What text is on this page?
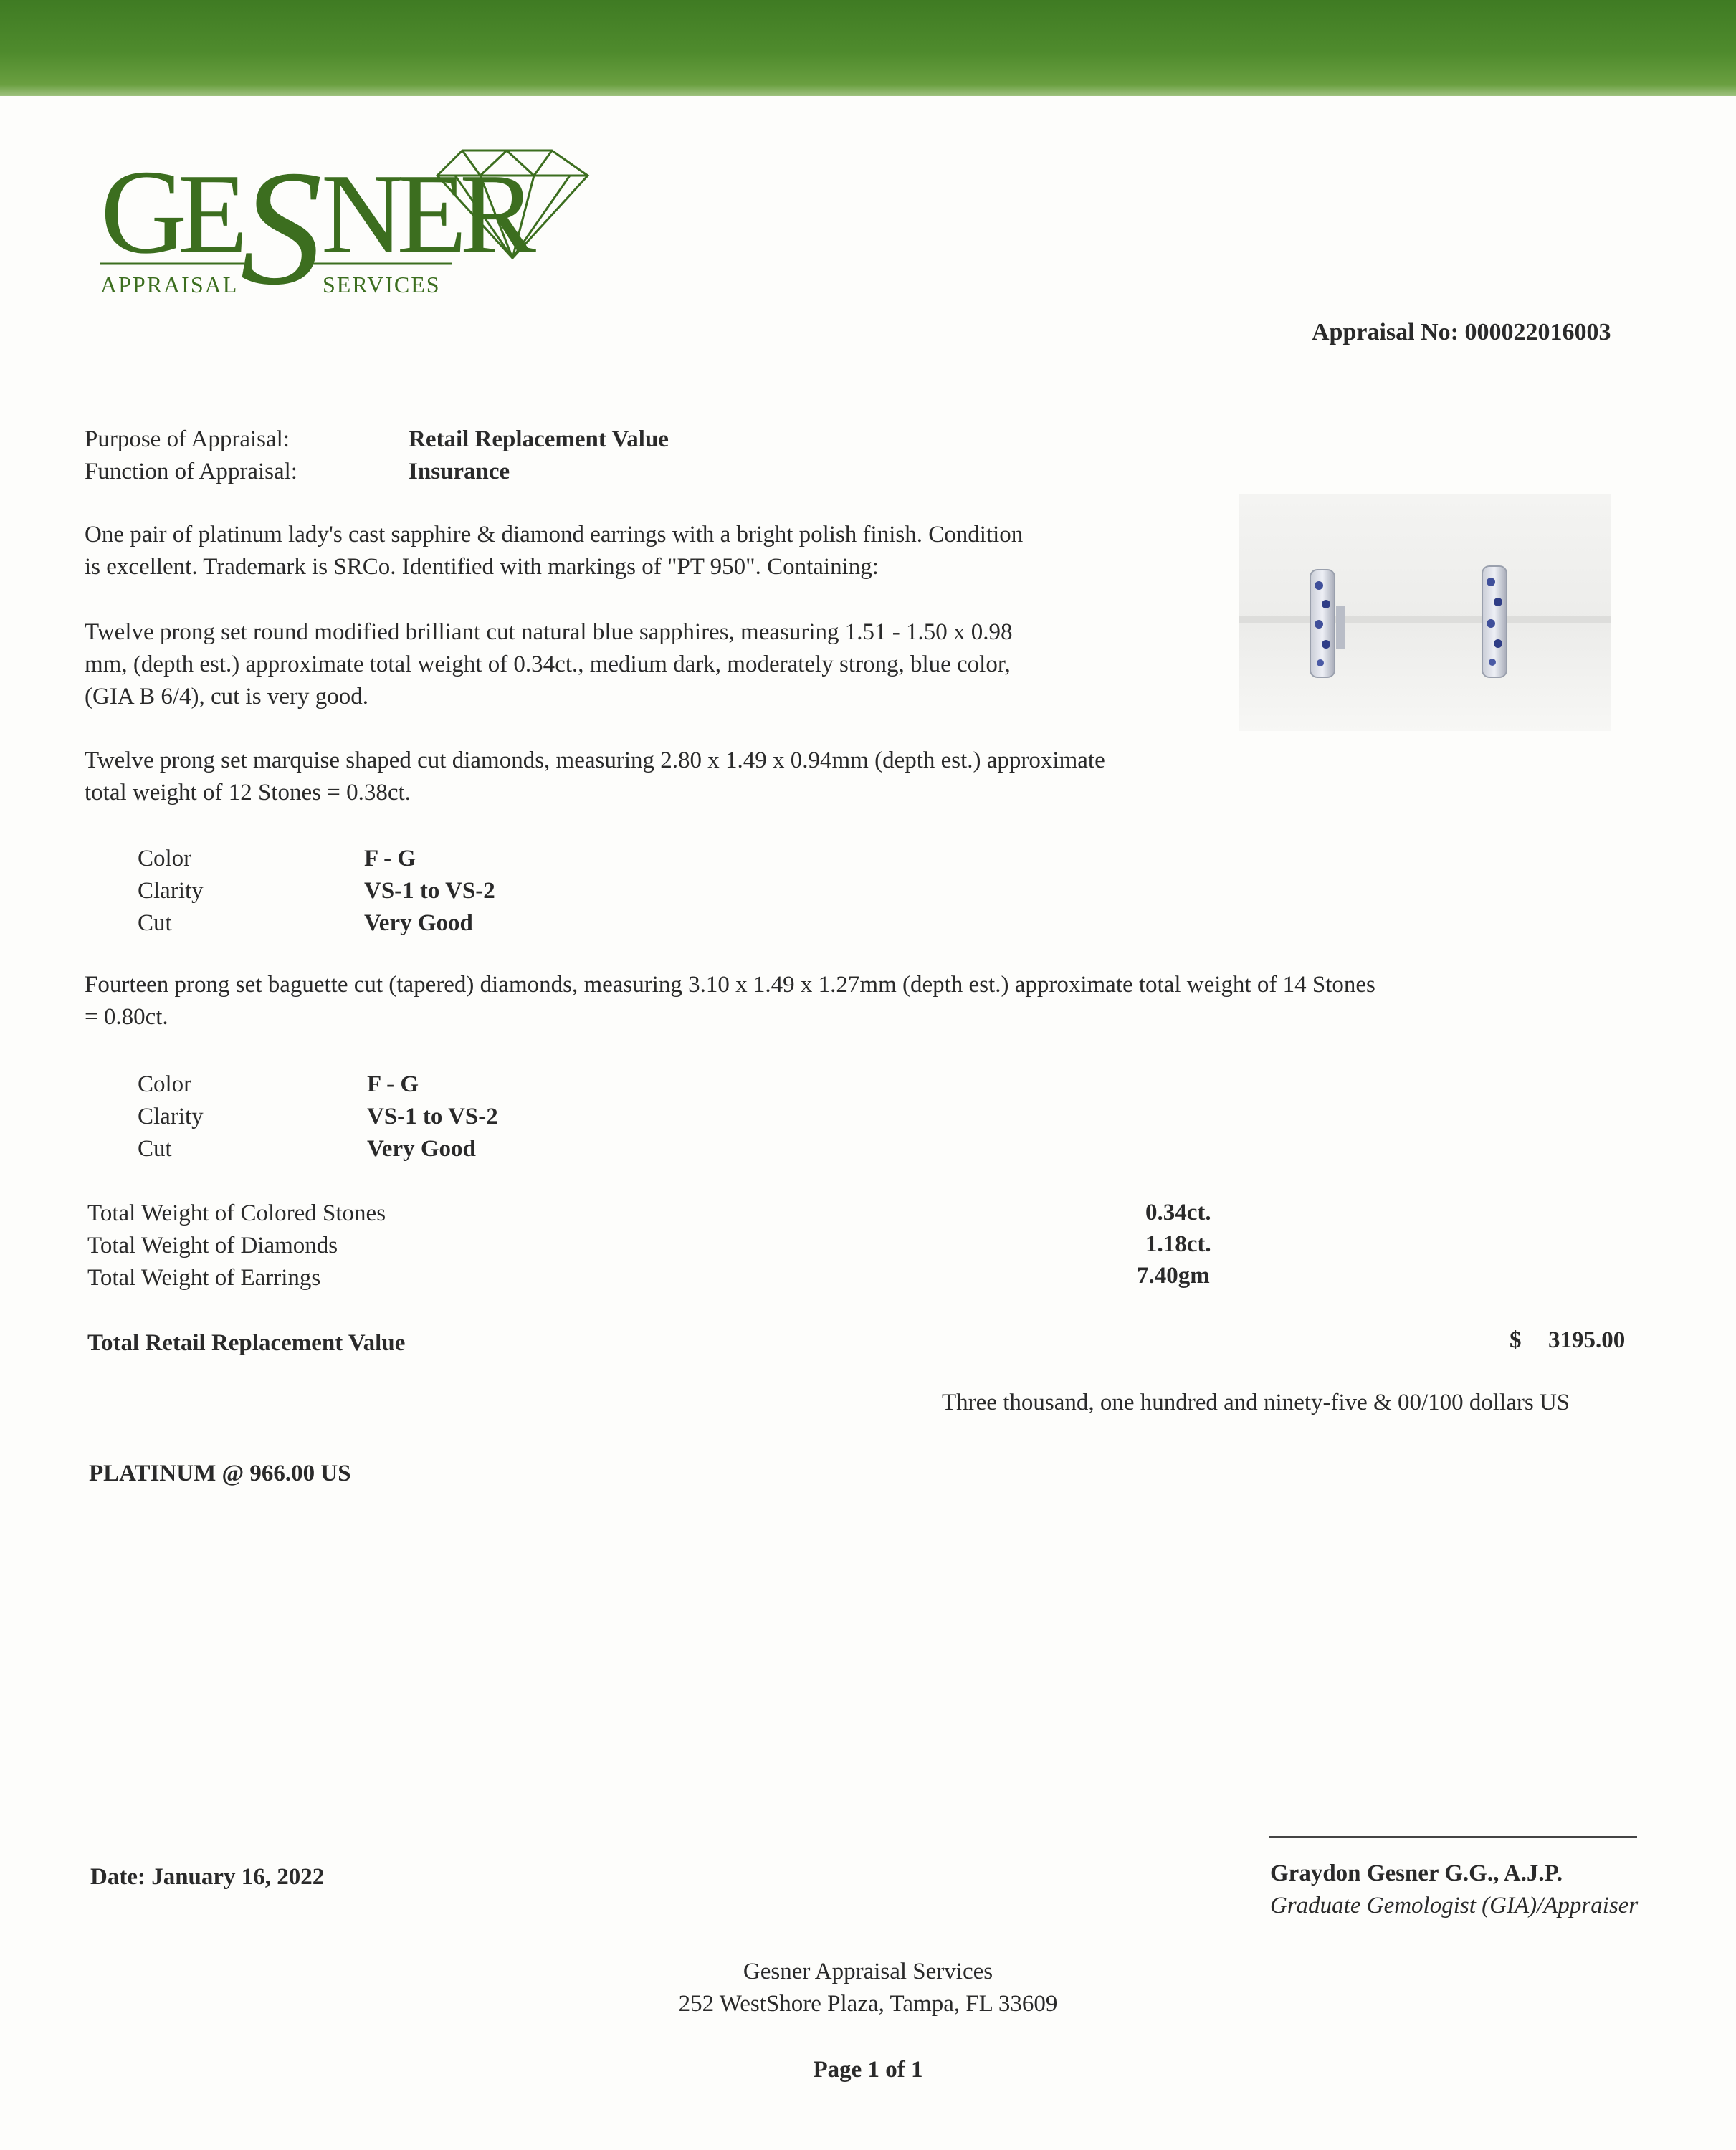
G
E
S
NER
APPRAISAL	SERVICES
Appraisal No: 000022016003
Purpose of Appraisal:	Retail Replacement Value
Function of Appraisal:	Insurance
One pair of platinum lady's cast sapphire & diamond earrings with a bright polish finish. Condition
is excellent. Trademark is SRCo. Identified with markings of "PT 950". Containing:
Twelve prong set round modified brilliant cut natural blue sapphires, measuring 1.51 - 1.50 x 0.98
mm, (depth est.) approximate total weight of 0.34ct., medium dark, moderately strong, blue color,
(GIA B 6/4), cut is very good.
Twelve prong set marquise shaped cut diamonds, measuring 2.80 x 1.49 x 0.94mm (depth est.) approximate
total weight of 12 Stones = 0.38ct.
Color	F - G
Clarity	VS-1 to VS-2
Cut	Very Good
Fourteen prong set baguette cut (tapered) diamonds, measuring 3.10 x 1.49 x 1.27mm (depth est.) approximate total weight of 14 Stones
= 0.80ct.
Color	F - G
Clarity	VS-1 to VS-2
Cut	Very Good
Total Weight of Colored Stones	0.34ct.
Total Weight of Diamonds	1.18ct.
Total Weight of Earrings	7.40gm
Total Retail Replacement Value	$ 3195.00
Three thousand, one hundred and ninety-five & 00/100 dollars US
PLATINUM @ 966.00 US
Date: January 16, 2022	Graydon Gesner G.G., A.J.P.
Graduate Gemologist (GIA)/Appraiser
Gesner Appraisal Services
252 WestShore Plaza, Tampa, FL 33609
Page 1 of 1
